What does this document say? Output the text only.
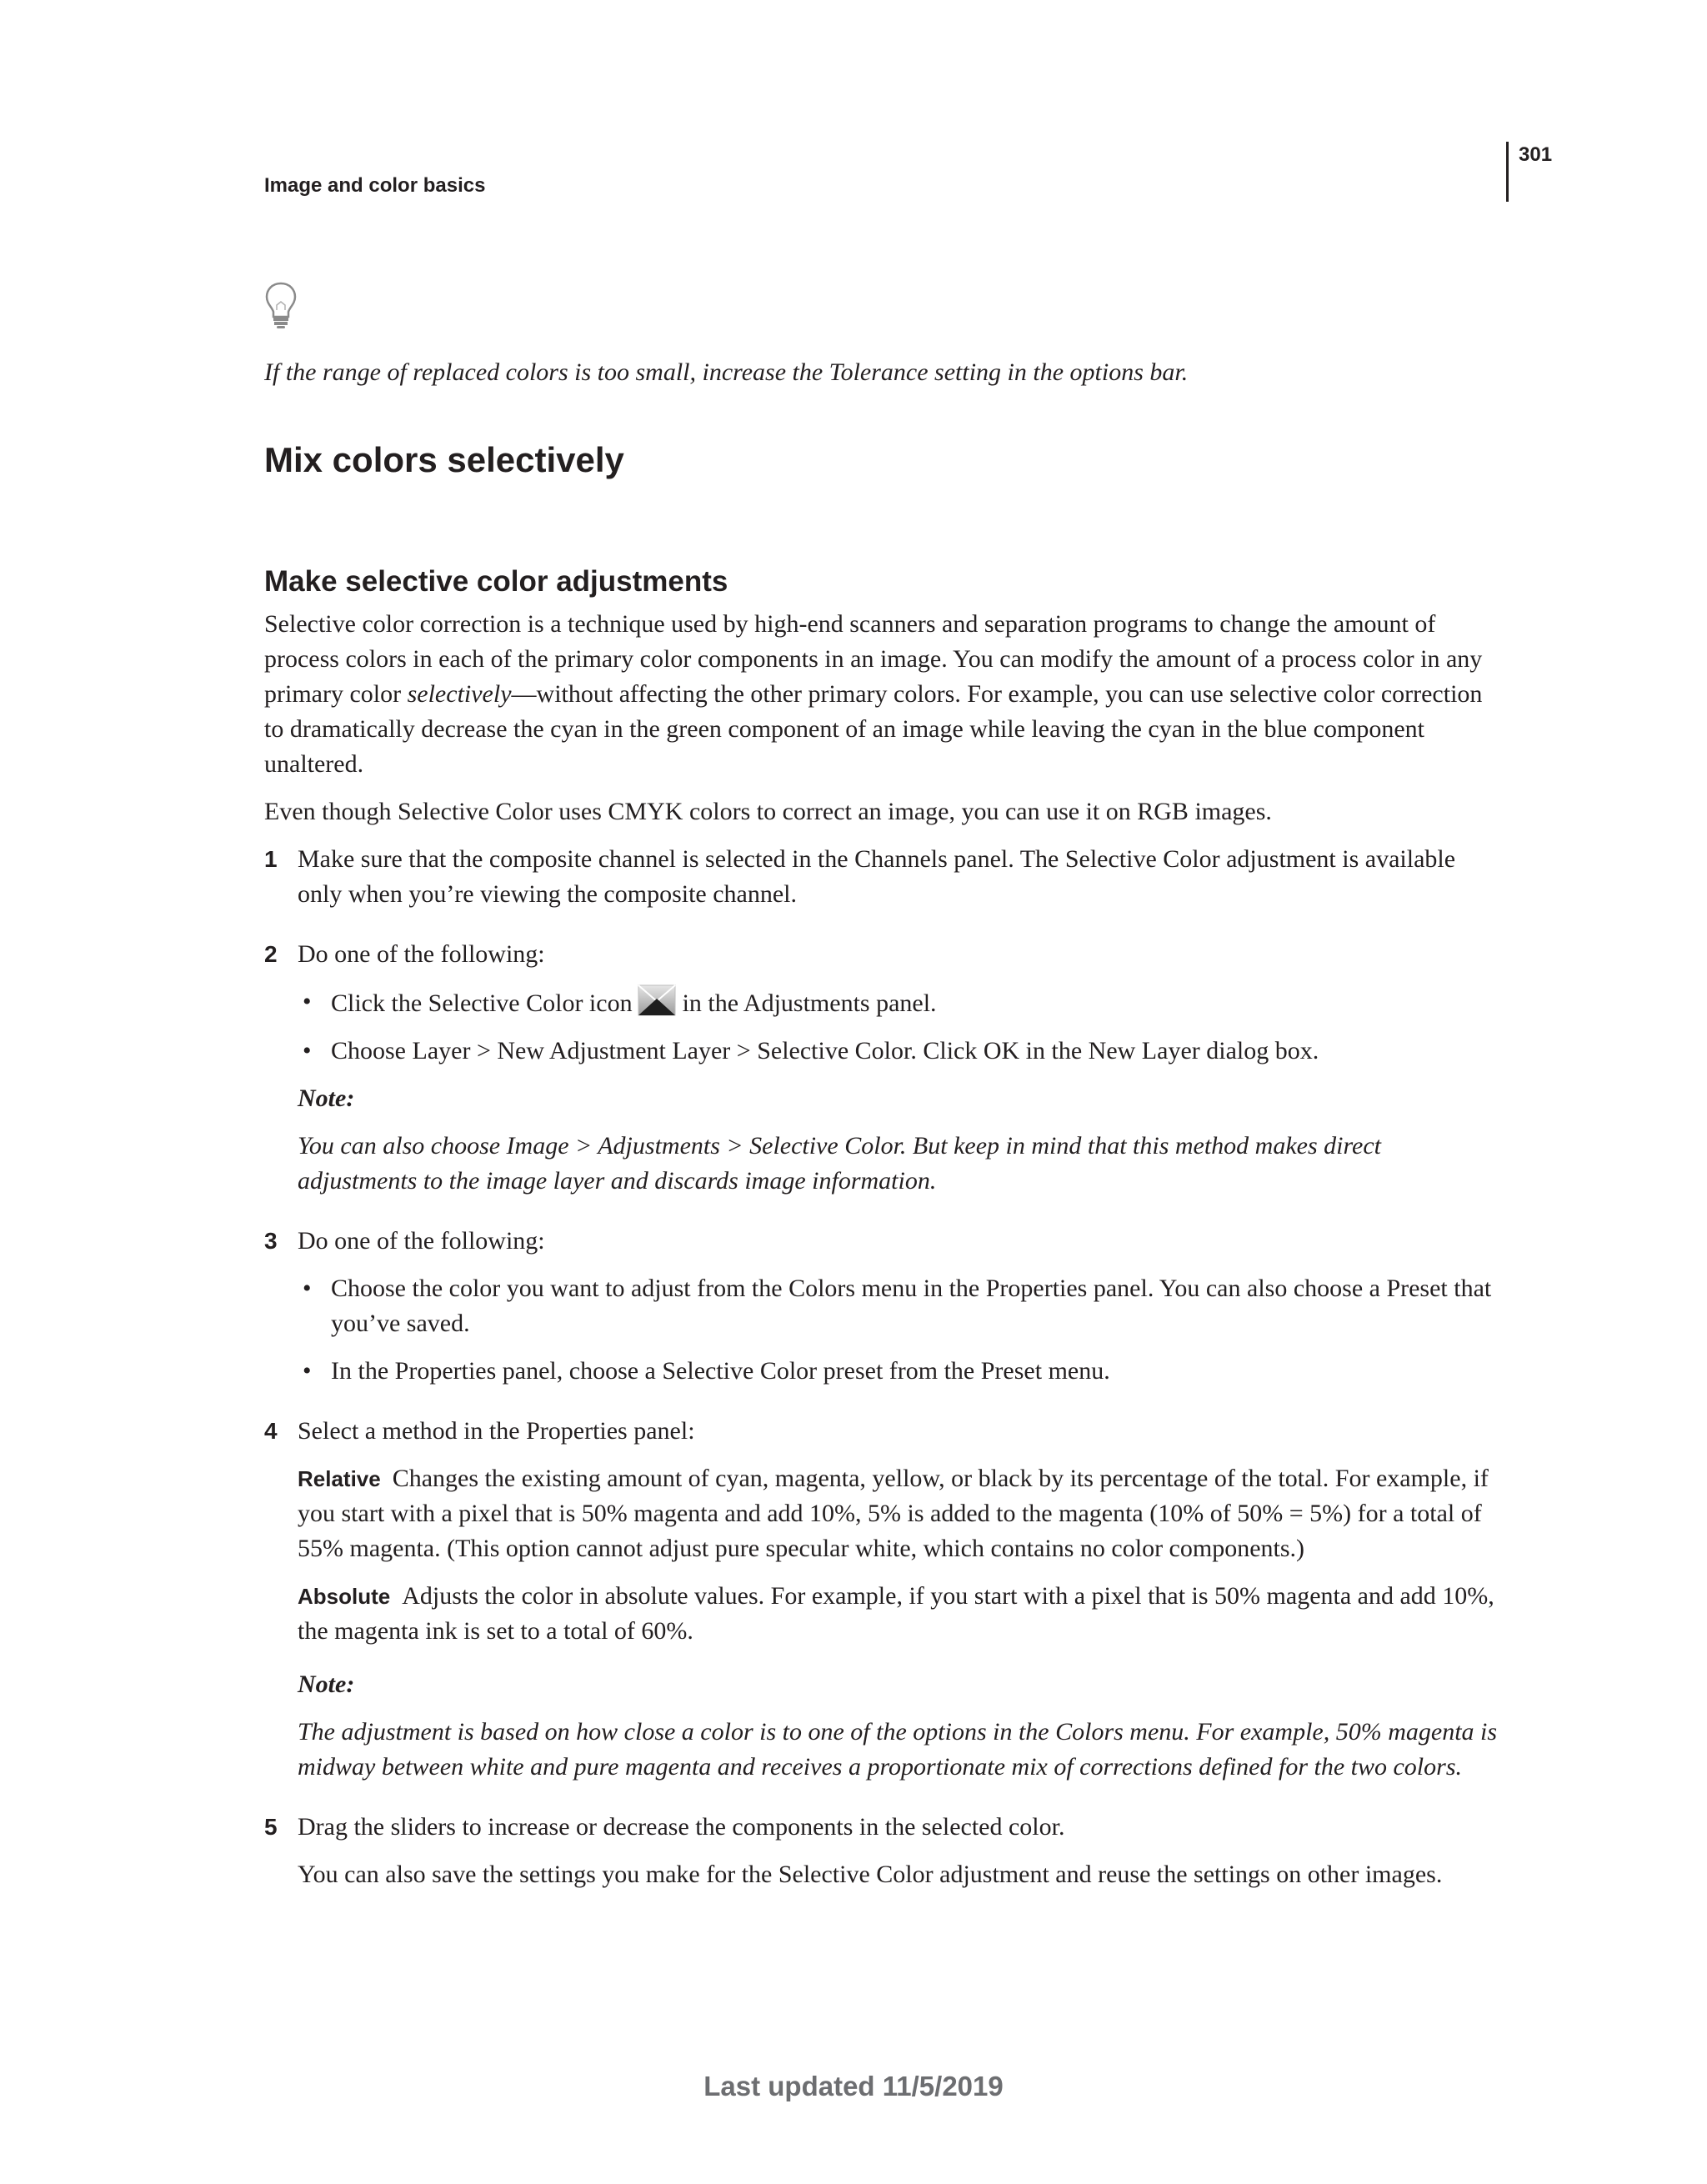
301
Image and color basics
If the range of replaced colors is too small, increase the Tolerance setting in the options bar.
Mix colors selectively
Make selective color adjustments

Selective color correction is a technique used by high-end scanners and separation programs to change the amount of process colors in each of the primary color components in an image. You can modify the amount of a process color in any primary color selectively—without affecting the other primary colors. For example, you can use selective color correction to dramatically decrease the cyan in the green component of an image while leaving the cyan in the blue component unaltered.

Even though Selective Color uses CMYK colors to correct an image, you can use it on RGB images.

1 Make sure that the composite channel is selected in the Channels panel. The Selective Color adjustment is available only when you’re viewing the composite channel.

2 Do one of the following:

• Click the Selective Color icon in the Adjustments panel.
• Choose Layer > New Adjustment Layer > Selective Color. Click OK in the New Layer dialog box.

Note:

You can also choose Image > Adjustments > Selective Color. But keep in mind that this method makes direct adjustments to the image layer and discards image information.

3 Do one of the following:

• Choose the color you want to adjust from the Colors menu in the Properties panel. You can also choose a Preset that you’ve saved.
• In the Properties panel, choose a Selective Color preset from the Preset menu.
4 Select a method in the Properties panel:

Relative Changes the existing amount of cyan, magenta, yellow, or black by its percentage of the total. For example, if you start with a pixel that is 50% magenta and add 10%, 5% is added to the magenta (10% of 50% = 5%) for a total of 55% magenta. (This option cannot adjust pure specular white, which contains no color components.)

Absolute Adjusts the color in absolute values. For example, if you start with a pixel that is 50% magenta and add 10%, the magenta ink is set to a total of 60%.

Note:

The adjustment is based on how close a color is to one of the options in the Colors menu. For example, 50% magenta is midway between white and pure magenta and receives a proportionate mix of corrections defined for the two colors.

5 Drag the sliders to increase or decrease the components in the selected color.

You can also save the settings you make for the Selective Color adjustment and reuse the settings on other images.

Last updated 11/5/2019
